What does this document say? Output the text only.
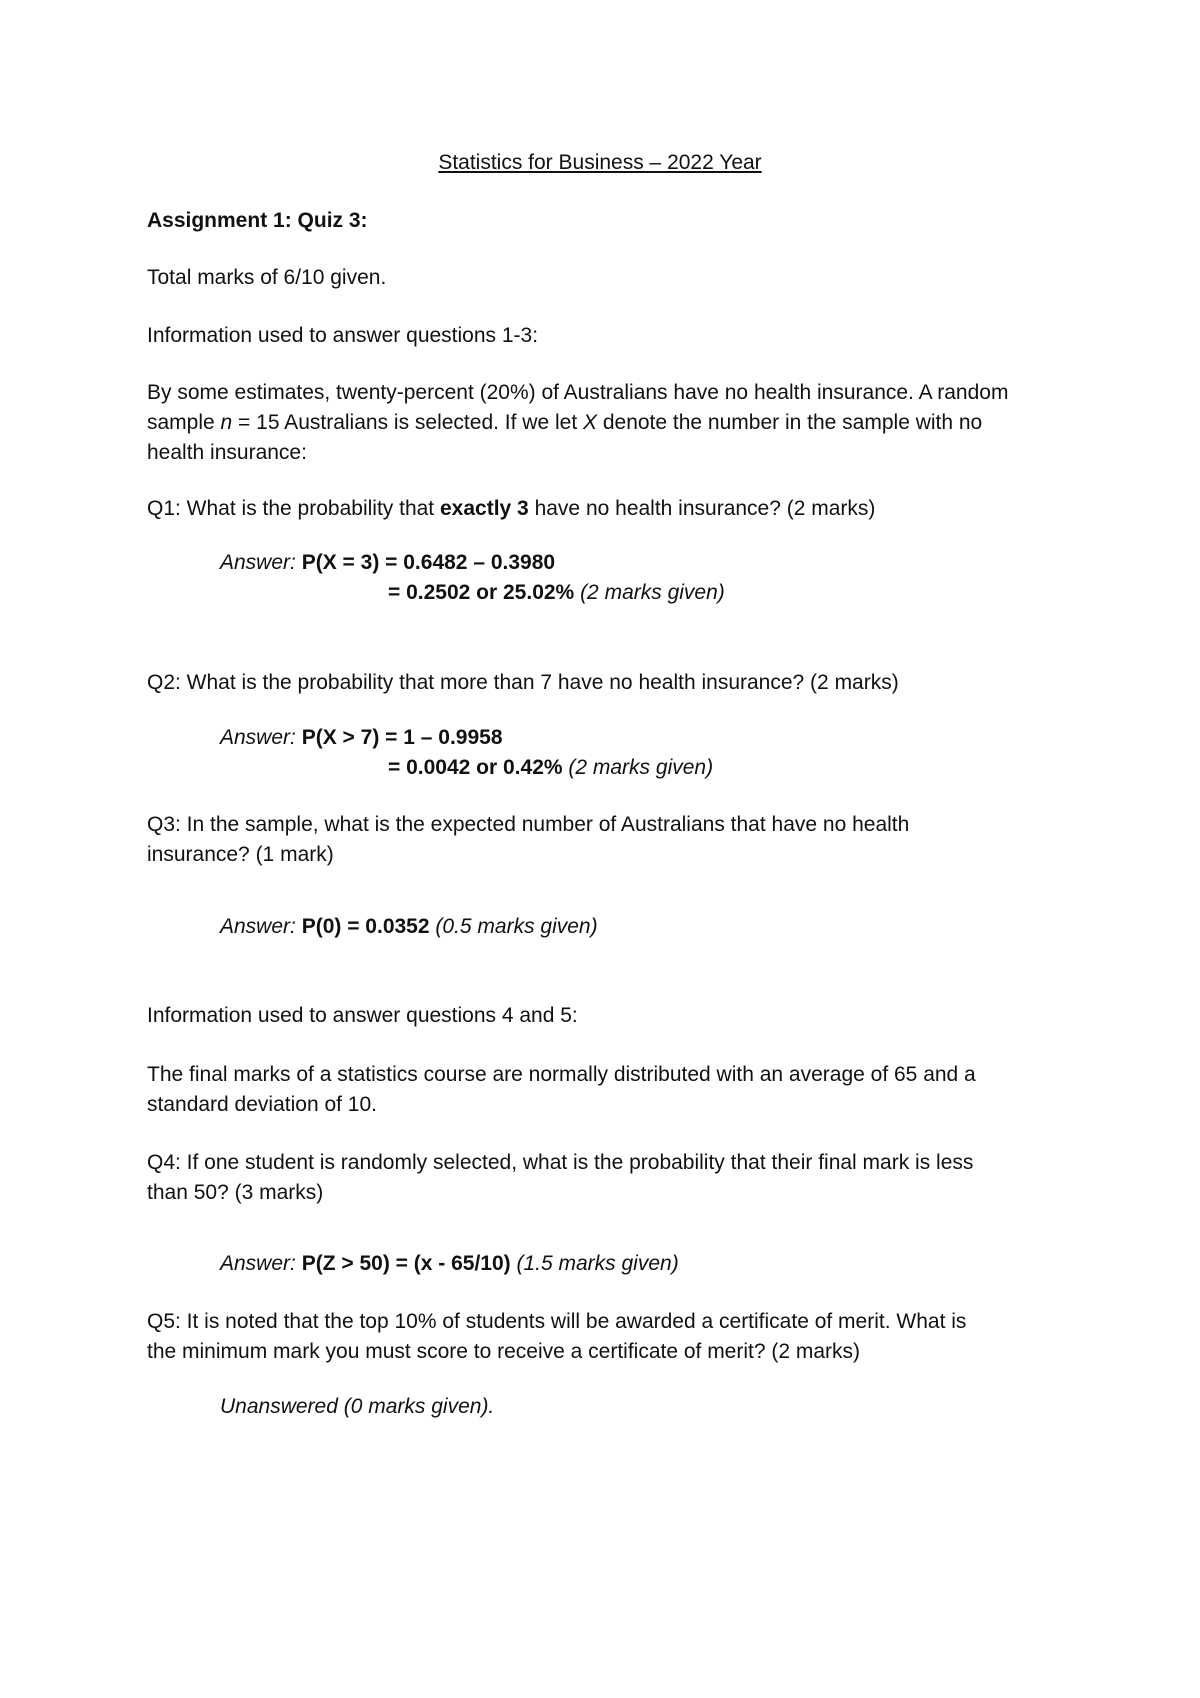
Statistics for Business – 2022 Year
Assignment 1: Quiz 3:
Total marks of 6/10 given.
Information used to answer questions 1-3:
By some estimates, twenty-percent (20%) of Australians have no health insurance. A random
sample n = 15 Australians is selected. If we let X denote the number in the sample with no
health insurance:
Q1: What is the probability that exactly 3 have no health insurance? (2 marks)
Answer: P(X = 3) = 0.6482 – 0.3980
= 0.2502 or 25.02% (2 marks given)
Q2: What is the probability that more than 7 have no health insurance? (2 marks)
Answer: P(X > 7) = 1 – 0.9958
= 0.0042 or 0.42% (2 marks given)
Q3: In the sample, what is the expected number of Australians that have no health
insurance? (1 mark)
Answer: P(0) = 0.0352 (0.5 marks given)
Information used to answer questions 4 and 5:
The final marks of a statistics course are normally distributed with an average of 65 and a
standard deviation of 10.
Q4: If one student is randomly selected, what is the probability that their final mark is less
than 50? (3 marks)
Answer: P(Z > 50) = (x - 65/10) (1.5 marks given)
Q5: It is noted that the top 10% of students will be awarded a certificate of merit. What is
the minimum mark you must score to receive a certificate of merit? (2 marks)
Unanswered (0 marks given).
